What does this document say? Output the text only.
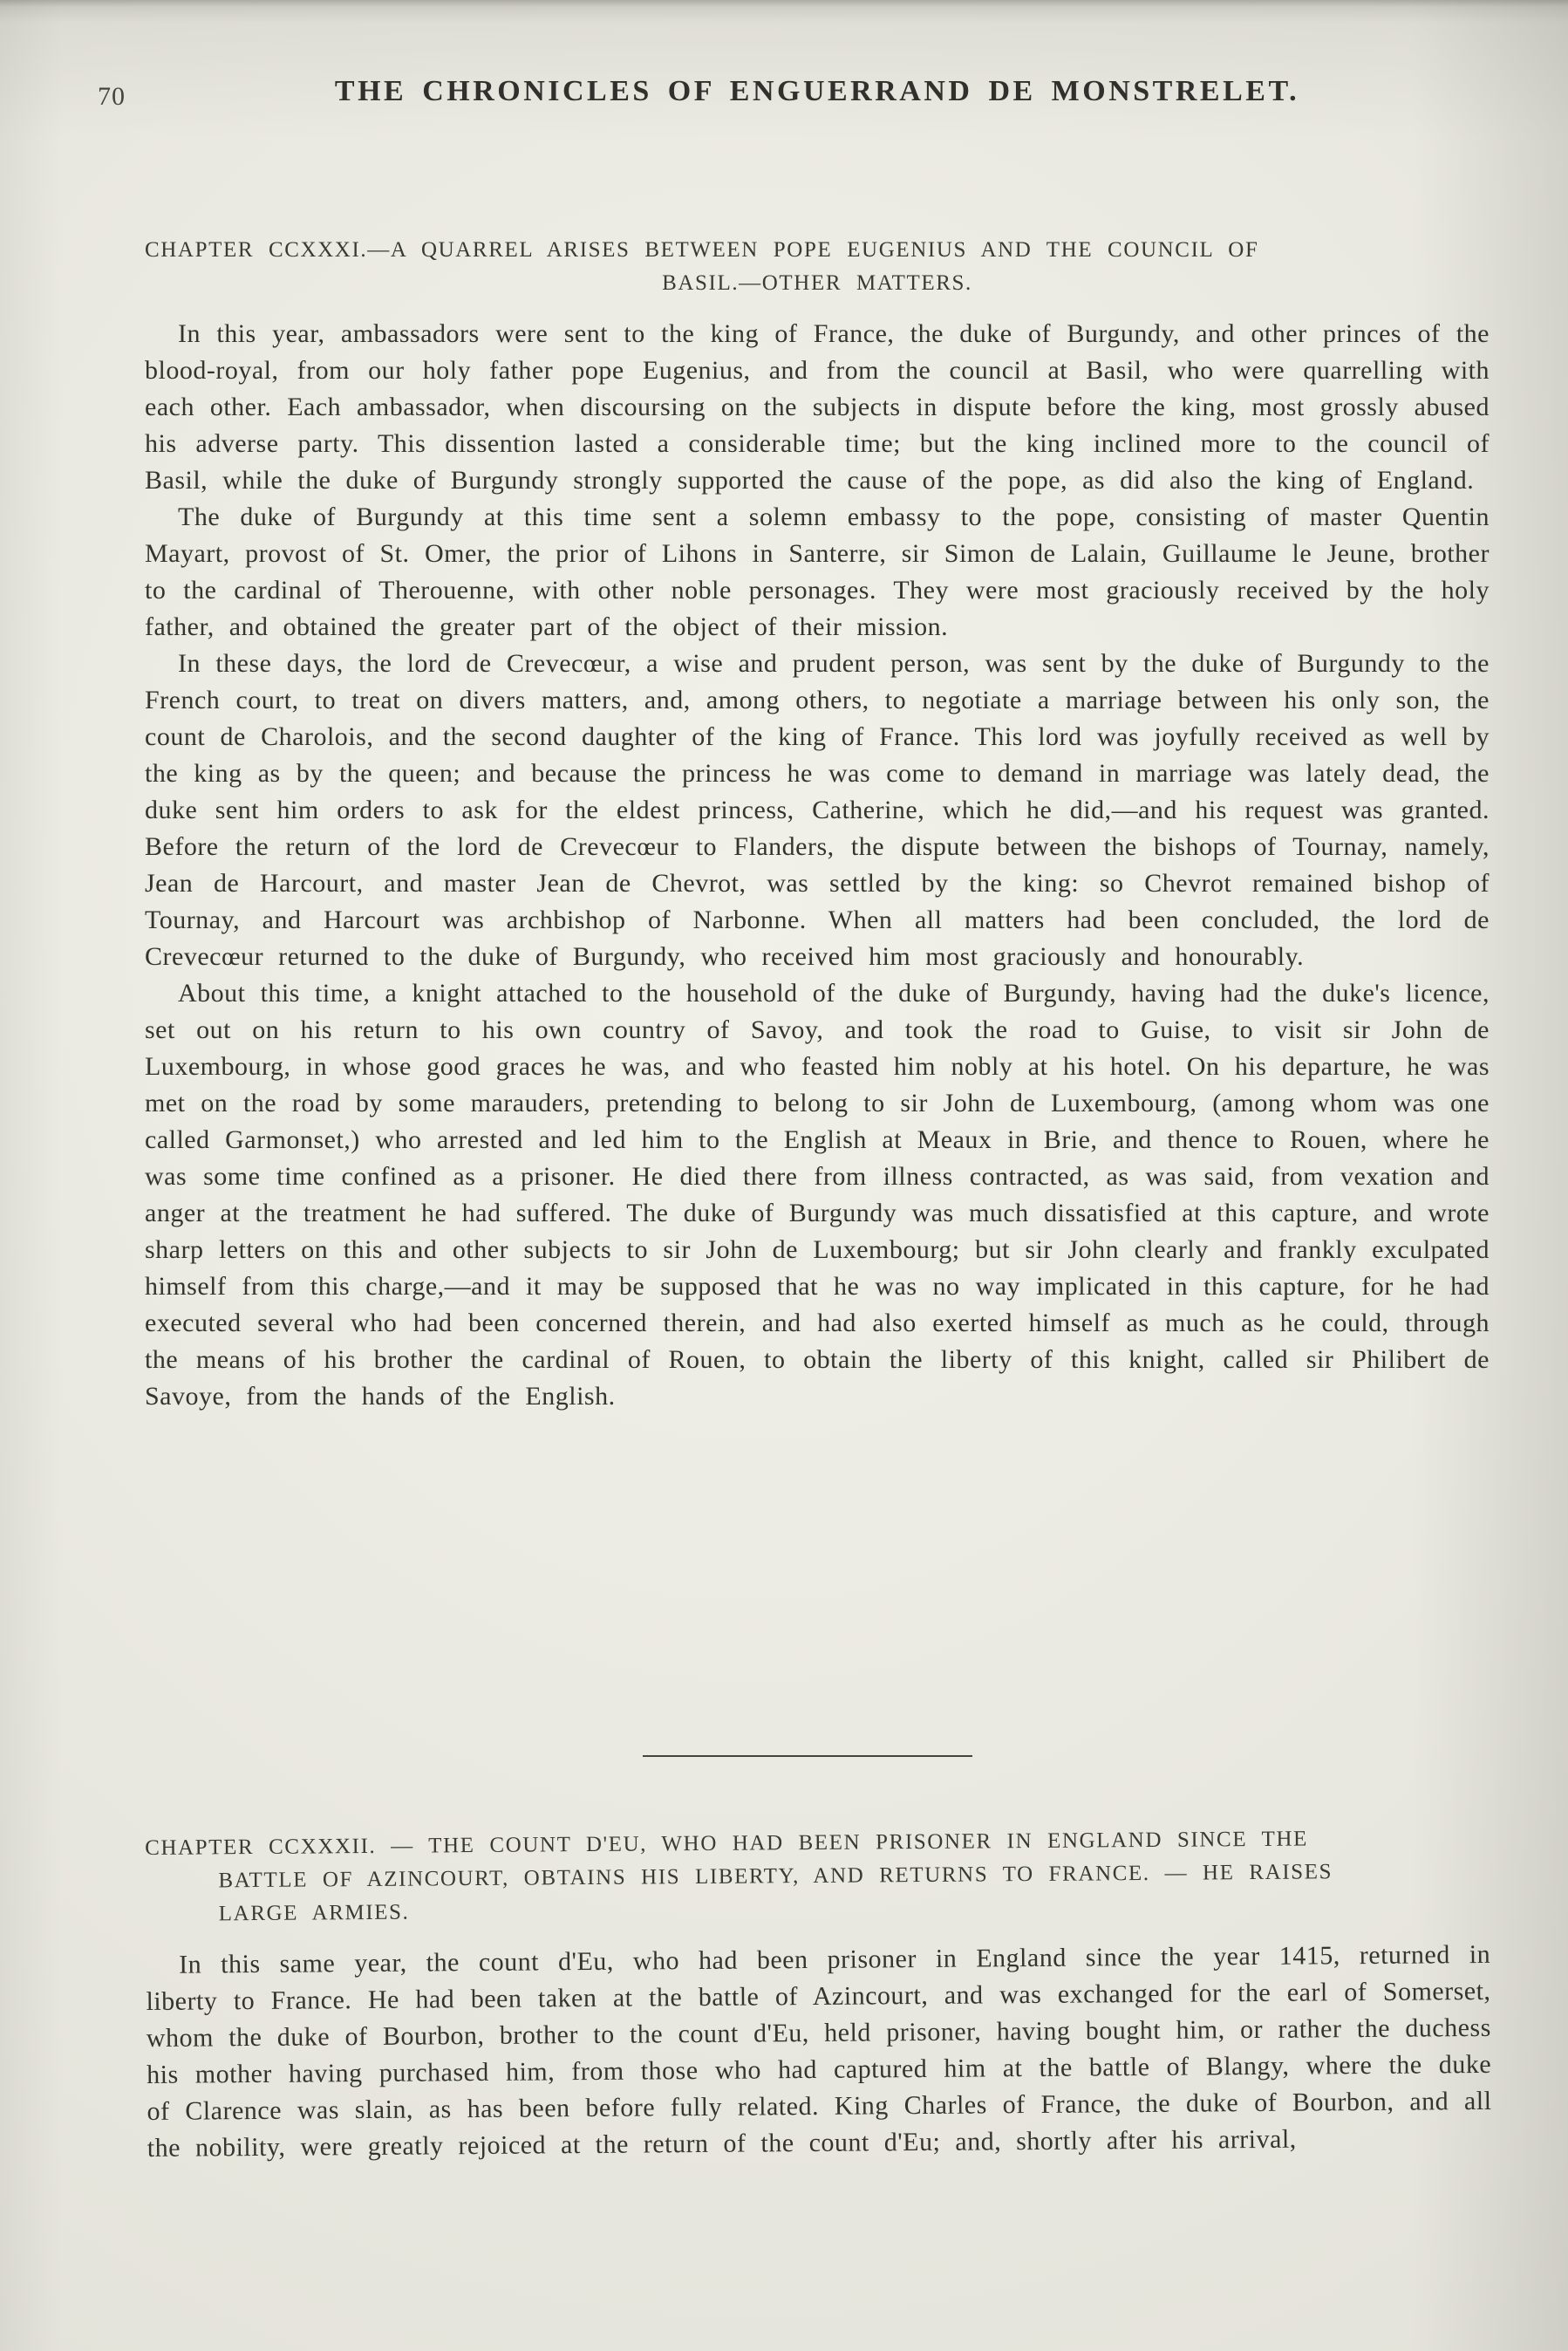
70	THE CHRONICLES OF ENGUERRAND DE MONSTRELET.
CHAPTER CCXXXI.—A QUARREL ARISES BETWEEN POPE EUGENIUS AND THE COUNCIL OF
BASIL.—OTHER MATTERS.

In this year, ambassadors were sent to the king of France, the duke of Burgundy, and other princes of the blood-royal, from our holy father pope Eugenius, and from the council at Basil, who were quarrelling with each other. Each ambassador, when discoursing on the subjects in dispute before the king, most grossly abused his adverse party. This dissention lasted a considerable time; but the king inclined more to the council of Basil, while the duke of Burgundy strongly supported the cause of the pope, as did also the king of England.

The duke of Burgundy at this time sent a solemn embassy to the pope, consisting of master Quentin Mayart, provost of St. Omer, the prior of Lihons in Santerre, sir Simon de Lalain, Guillaume le Jeune, brother to the cardinal of Therouenne, with other noble personages. They were most graciously received by the holy father, and obtained the greater part of the object of their mission.

In these days, the lord de Crevecœur, a wise and prudent person, was sent by the duke of Burgundy to the French court, to treat on divers matters, and, among others, to negotiate a marriage between his only son, the count de Charolois, and the second daughter of the king of France. This lord was joyfully received as well by the king as by the queen; and because the princess he was come to demand in marriage was lately dead, the duke sent him orders to ask for the eldest princess, Catherine, which he did,—and his request was granted. Before the return of the lord de Crevecœur to Flanders, the dispute between the bishops of Tournay, namely, Jean de Harcourt, and master Jean de Chevrot, was settled by the king: so Chevrot remained bishop of Tournay, and Harcourt was archbishop of Narbonne. When all matters had been concluded, the lord de Crevecœur returned to the duke of Burgundy, who received him most graciously and honourably.

About this time, a knight attached to the household of the duke of Burgundy, having had the duke's licence, set out on his return to his own country of Savoy, and took the road to Guise, to visit sir John de Luxembourg, in whose good graces he was, and who feasted him nobly at his hotel. On his departure, he was met on the road by some marauders, pretending to belong to sir John de Luxembourg, (among whom was one called Garmonset,) who arrested and led him to the English at Meaux in Brie, and thence to Rouen, where he was some time confined as a prisoner. He died there from illness contracted, as was said, from vexation and anger at the treatment he had suffered. The duke of Burgundy was much dissatisfied at this capture, and wrote sharp letters on this and other subjects to sir John de Luxembourg; but sir John clearly and frankly exculpated himself from this charge,—and it may be supposed that he was no way implicated in this capture, for he had executed several who had been concerned therein, and had also exerted himself as much as he could, through the means of his brother the cardinal of Rouen, to obtain the liberty of this knight, called sir Philibert de Savoye, from the hands of the English.

CHAPTER CCXXXII. — THE COUNT D'EU, WHO HAD BEEN PRISONER IN ENGLAND SINCE THE
BATTLE OF AZINCOURT, OBTAINS HIS LIBERTY, AND RETURNS TO FRANCE. — HE RAISES
LARGE ARMIES.

In this same year, the count d'Eu, who had been prisoner in England since the year 1415, returned in liberty to France. He had been taken at the battle of Azincourt, and was exchanged for the earl of Somerset, whom the duke of Bourbon, brother to the count d'Eu, held prisoner, having bought him, or rather the duchess his mother having purchased him, from those who had captured him at the battle of Blangy, where the duke of Clarence was slain, as has been before fully related. King Charles of France, the duke of Bourbon, and all the nobility, were greatly rejoiced at the return of the count d'Eu; and, shortly after his arrival,
